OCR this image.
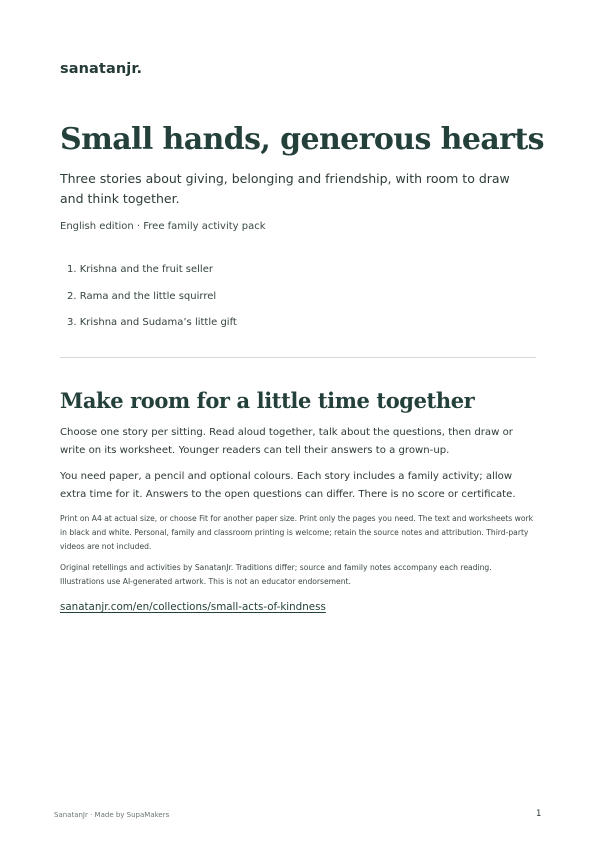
sanatanjr.
Small hands, generous hearts

Three stories about giving, belonging and friendship, with room to draw and think together.

English edition · Free family activity pack

1. Krishna and the fruit seller
2. Rama and the little squirrel
3. Krishna and Sudama’s little gift
Make room for a little time together

Choose one story per sitting. Read aloud together, talk about the questions, then draw or write on its worksheet. Younger readers can tell their answers to a grown-up.

You need paper, a pencil and optional colours. Each story includes a family activity; allow extra time for it. Answers to the open questions can differ. There is no score or certificate.

Print on A4 at actual size, or choose Fit for another paper size. Print only the pages you need. The text and worksheets work in black and white. Personal, family and classroom printing is welcome; retain the source notes and attribution. Third-party videos are not included.

Original retellings and activities by SanatanJr. Traditions differ; source and family notes accompany each reading. Illustrations use AI-generated artwork. This is not an educator endorsement.

sanatanjr.com/en/collections/small-acts-of-kindness
SanatanJr · Made by SupaMakers	1
